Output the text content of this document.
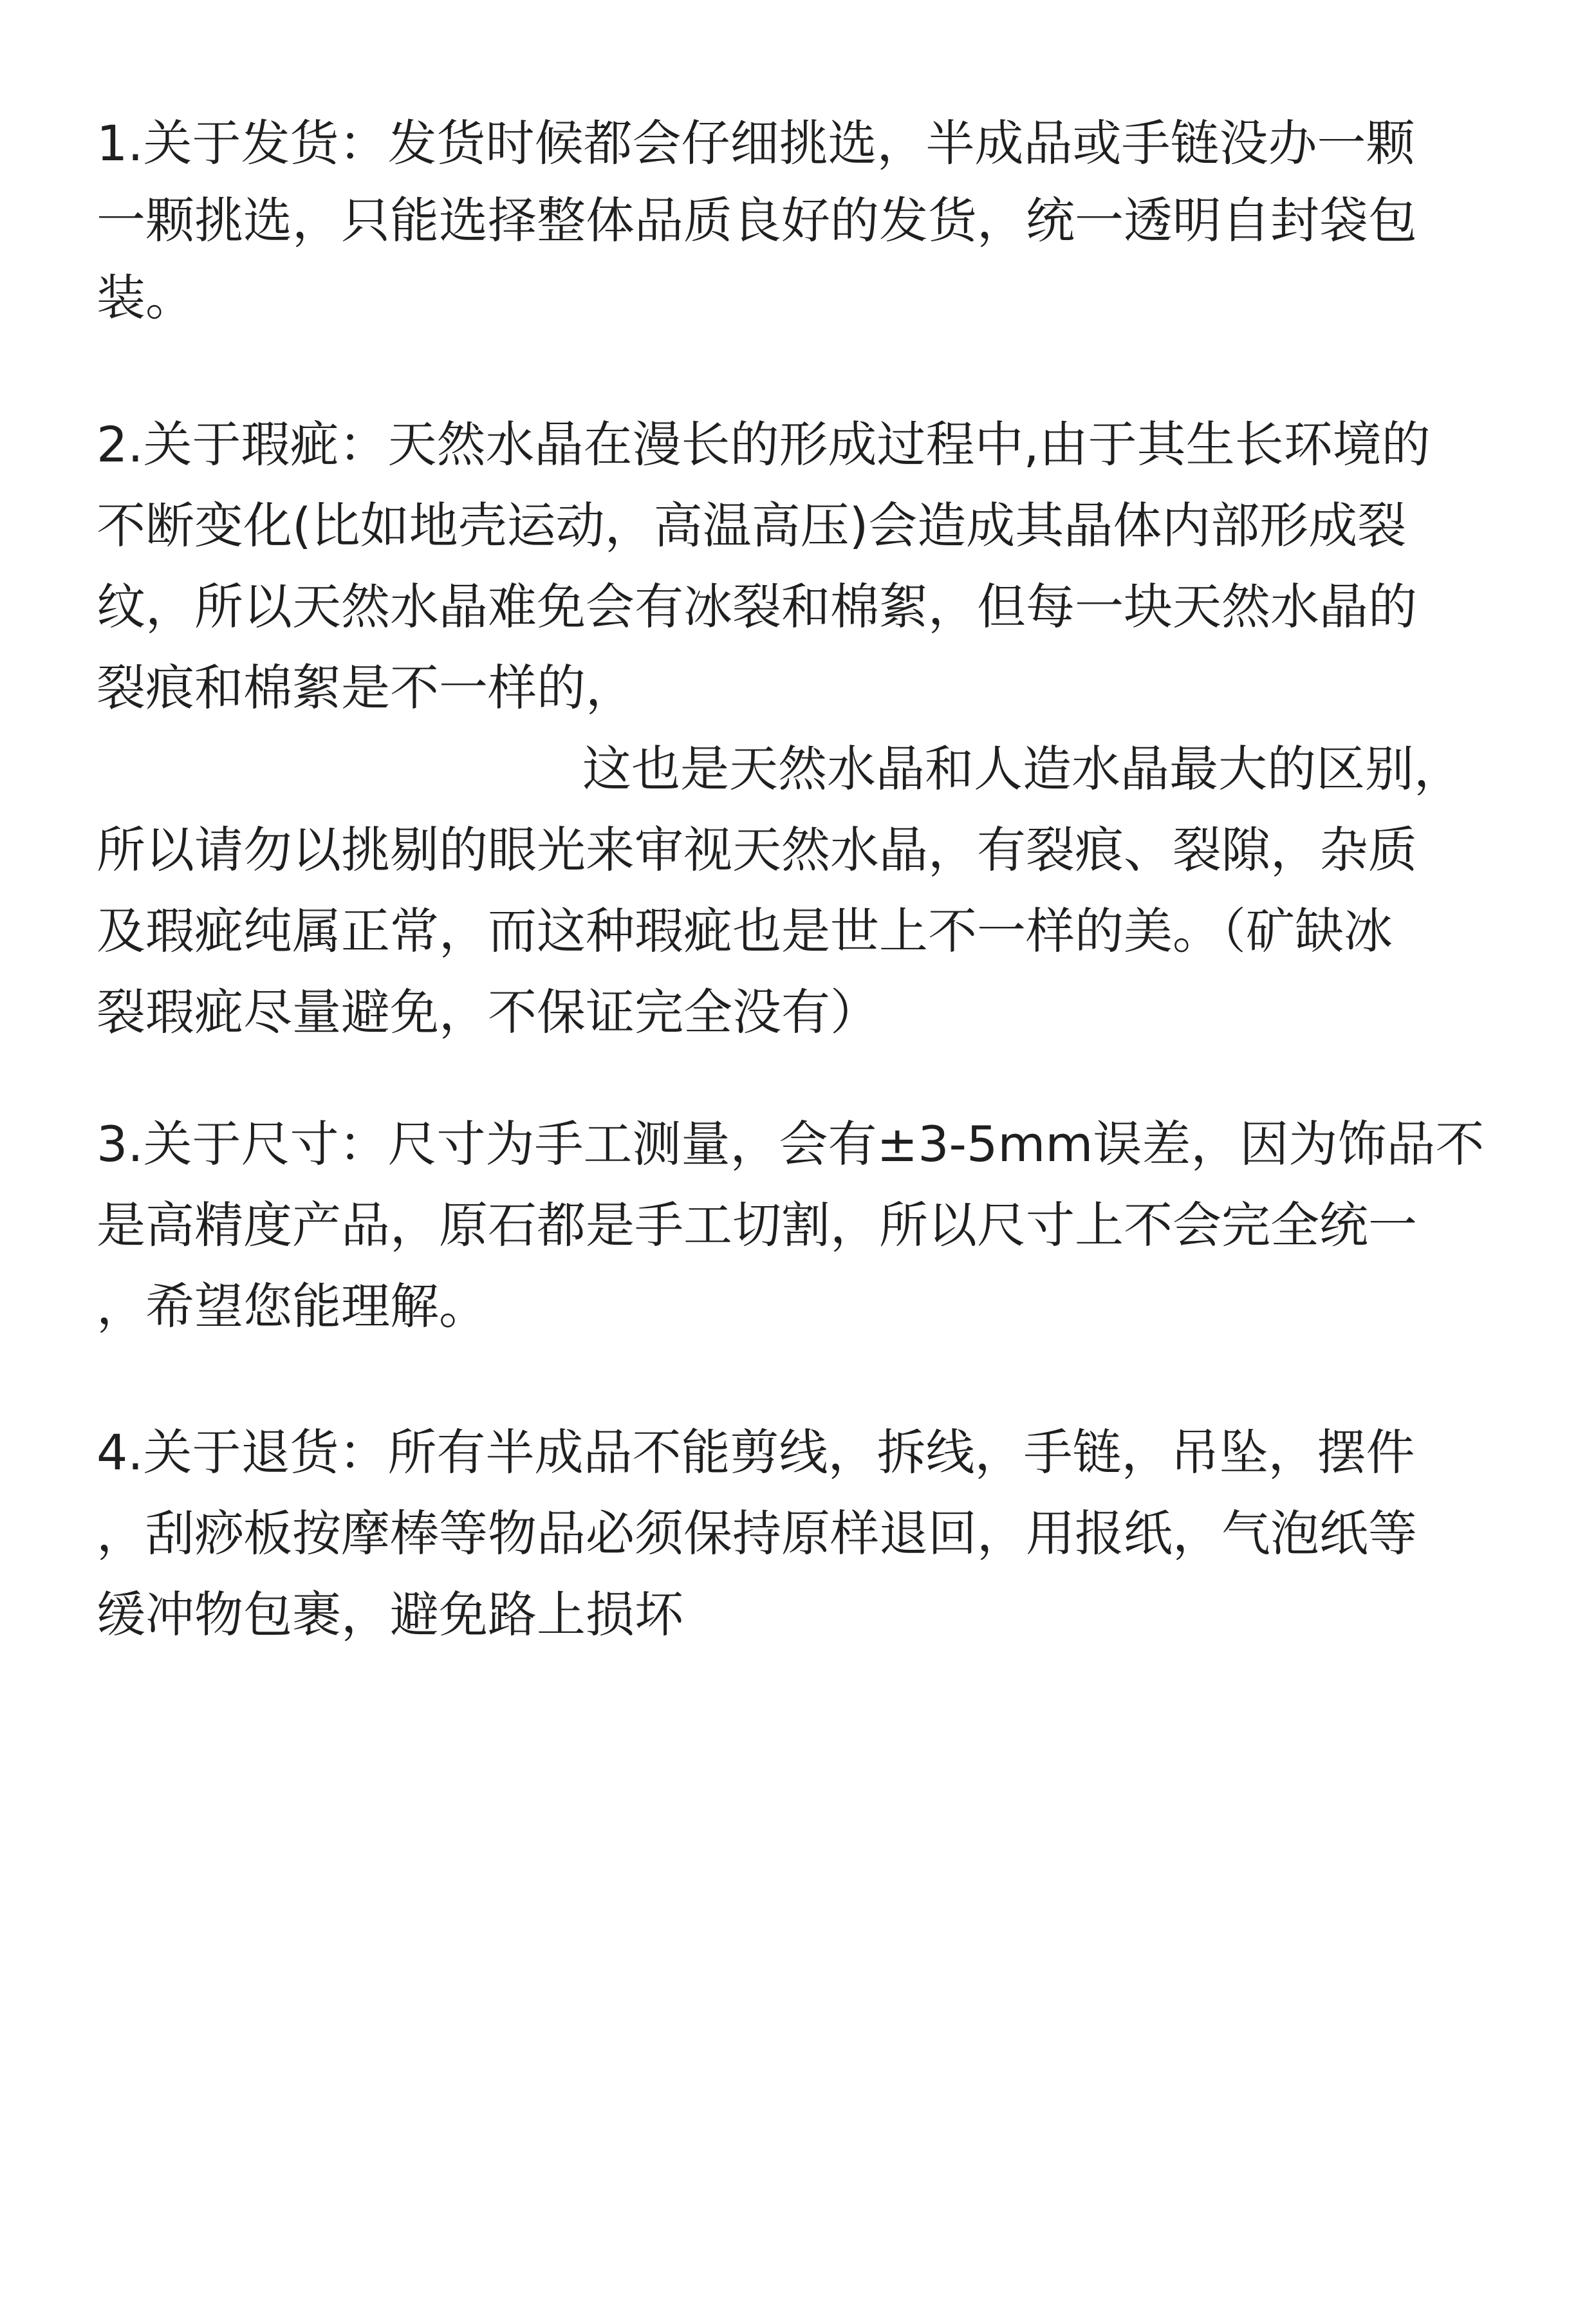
1.关于发货：发货时候都会仔细挑选，半成品或手链没办一颗
一颗挑选，只能选择整体品质良好的发货，统一透明自封袋包
装。
2.关于瑕疵：天然水晶在漫长的形成过程中,由于其生长环境的
不断变化(比如地壳运动，高温高压)会造成其晶体内部形成裂
纹，所以天然水晶难免会有冰裂和棉絮，但每一块天然水晶的
裂痕和棉絮是不一样的，
这也是天然水晶和人造水晶最大的区别，
所以请勿以挑剔的眼光来审视天然水晶，有裂痕、裂隙，杂质
及瑕疵纯属正常，而这种瑕疵也是世上不一样的美。（矿缺冰
裂瑕疵尽量避免，不保证完全没有）
3.关于尺寸：尺寸为手工测量，会有±3-5mm误差，因为饰品不
是高精度产品，原石都是手工切割，所以尺寸上不会完全统一
，希望您能理解。
4.关于退货：所有半成品不能剪线，拆线，手链，吊坠，摆件
，刮痧板按摩棒等物品必须保持原样退回，用报纸，气泡纸等
缓冲物包裹，避免路上损坏
